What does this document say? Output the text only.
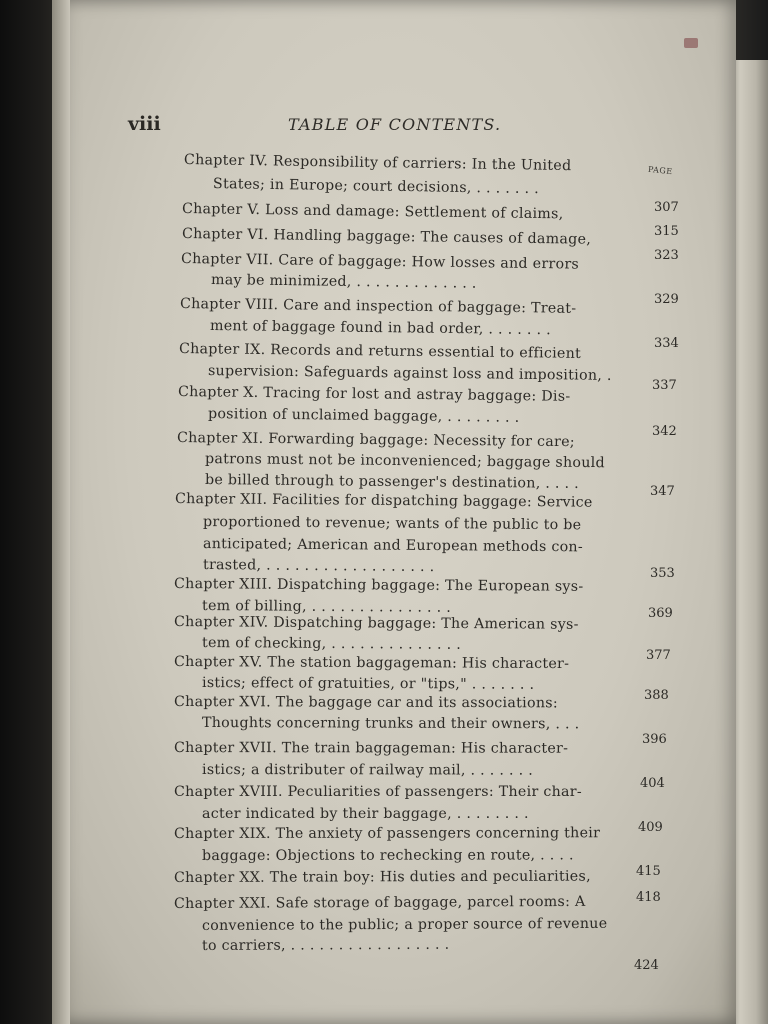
viii	TABLE OF CONTENTS.
PAGE
Chapter IV. Responsibility of carriers: In the United
States; in Europe; court decisions, . . . . . . .
307
Chapter V. Loss and damage: Settlement of claims,
315
Chapter VI. Handling baggage: The causes of damage,
323
Chapter VII. Care of baggage: How losses and errors
may be minimized, . . . . . . . . . . . . .
329
Chapter VIII. Care and inspection of baggage: Treat-
ment of baggage found in bad order, . . . . . . .
334
Chapter IX. Records and returns essential to efficient
supervision: Safeguards against loss and imposition, .
337
Chapter X. Tracing for lost and astray baggage: Dis-
position of unclaimed baggage, . . . . . . . .
342
Chapter XI. Forwarding baggage: Necessity for care;
patrons must not be inconvenienced; baggage should
be billed through to passenger's destination, . . . .	347
Chapter XII. Facilities for dispatching baggage: Service
proportioned to revenue; wants of the public to be
anticipated; American and European methods con-
trasted, . . . . . . . . . . . . . . . . . .	353
Chapter XIII. Dispatching baggage: The European sys-
tem of billing, . . . . . . . . . . . . . . .	369
Chapter XIV. Dispatching baggage: The American sys-
tem of checking, . . . . . . . . . . . . . .
377
Chapter XV. The station baggageman: His character-
istics; effect of gratuities, or "tips," . . . . . . .
388
Chapter XVI. The baggage car and its associations:
Thoughts concerning trunks and their owners, . . .
396
Chapter XVII. The train baggageman: His character-
istics; a distributer of railway mail, . . . . . . .
404
Chapter XVIII. Peculiarities of passengers: Their char-
acter indicated by their baggage, . . . . . . . .
409
Chapter XIX. The anxiety of passengers concerning their
baggage: Objections to rechecking en route, . . . .
415
Chapter XX. The train boy: His duties and peculiarities,
418
Chapter XXI. Safe storage of baggage, parcel rooms: A
convenience to the public; a proper source of revenue
to carriers, . . . . . . . . . . . . . . . . .
424
